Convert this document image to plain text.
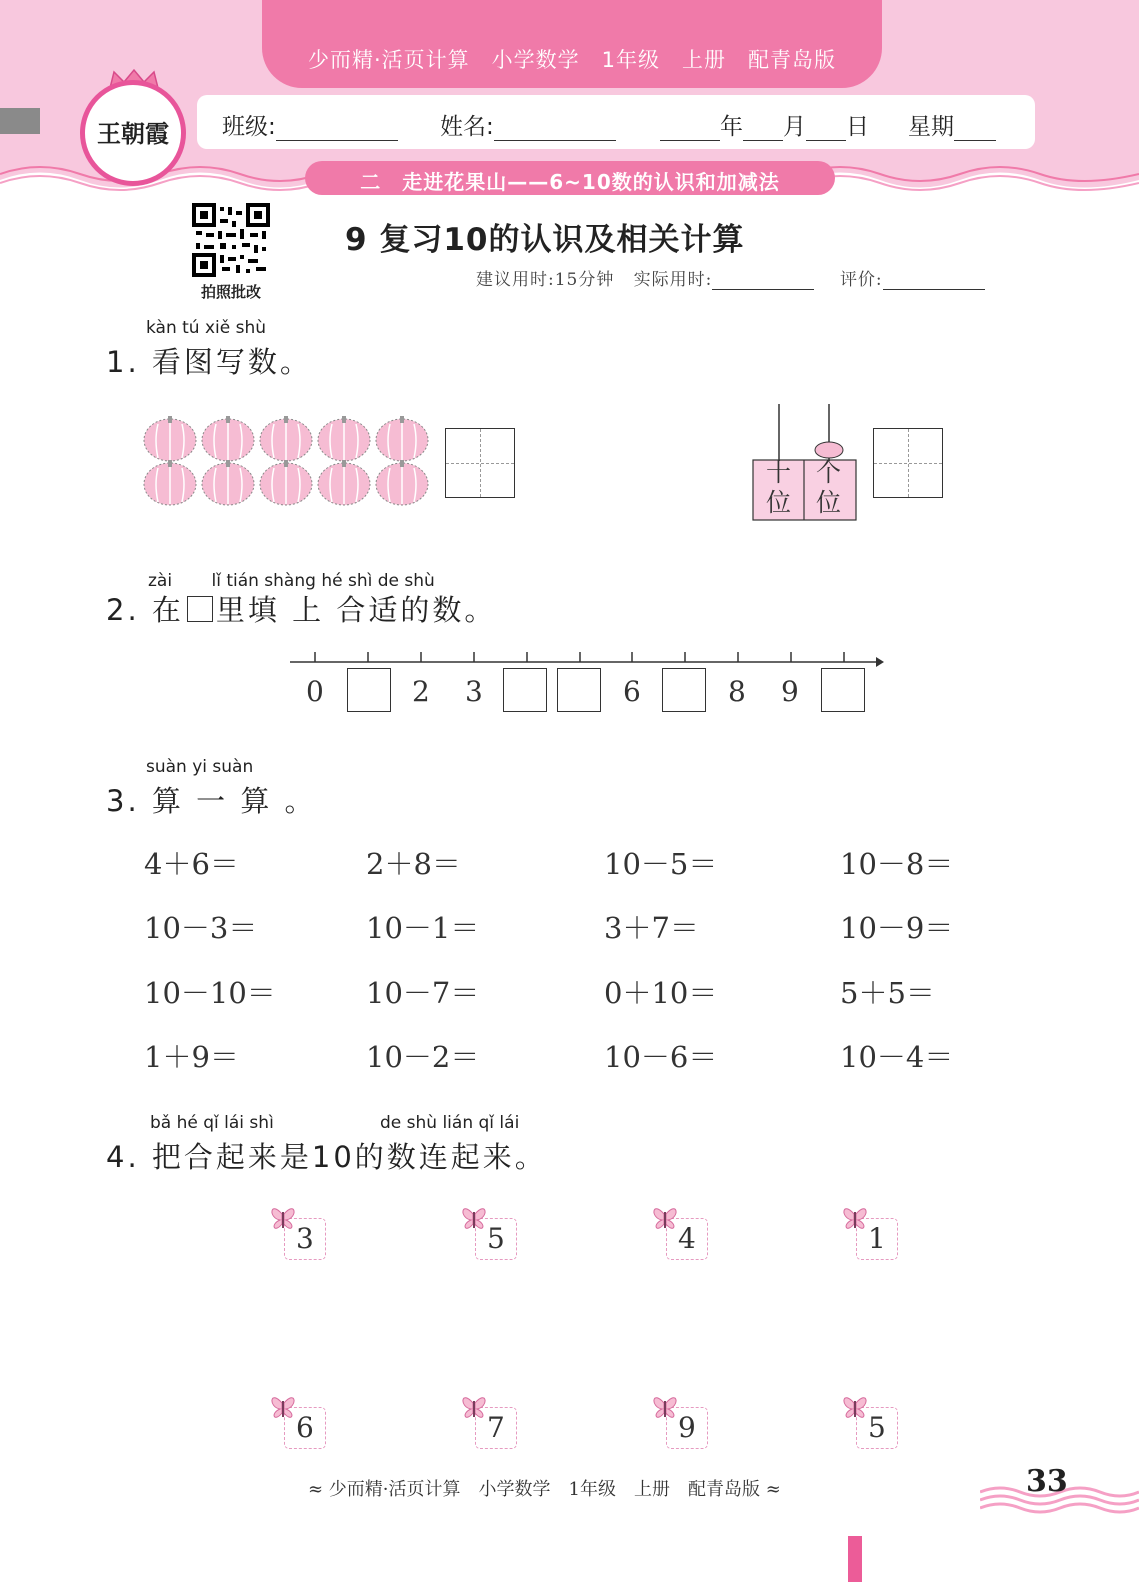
少而精·活页计算　小学数学　1年级　上册　配青岛版
班级:	姓名:	年 月 日 星期
二　走进花果山——6~10数的认识和加减法
王朝霞
拍照批改
9 复习10的认识及相关计算
建议用时:15分钟 实际用时:	评价:
kàn tú xiě shù
1. 看图写数。
十
位
个
位
zài　　 lǐ tián shàng hé shì de shù
2. 在 里填 上 合适的数。
0	2 3	6	8 9
suàn yi suàn
3. 算 一 算 。
4＋6＝	2＋8＝	10－5＝	10－8＝
10－3＝	10－1＝	3＋7＝	10－9＝
10－10＝	10－7＝	0＋10＝	5＋5＝
1＋9＝	10－2＝	10－6＝	10－4＝
bǎ hé qǐ lái shì	de shù lián qǐ lái
4. 把合起来是10的数连起来。
3	5	4	1
6	7	9	5
≈ 少而精·活页计算　小学数学　1年级　上册　配青岛版 ≈	33
